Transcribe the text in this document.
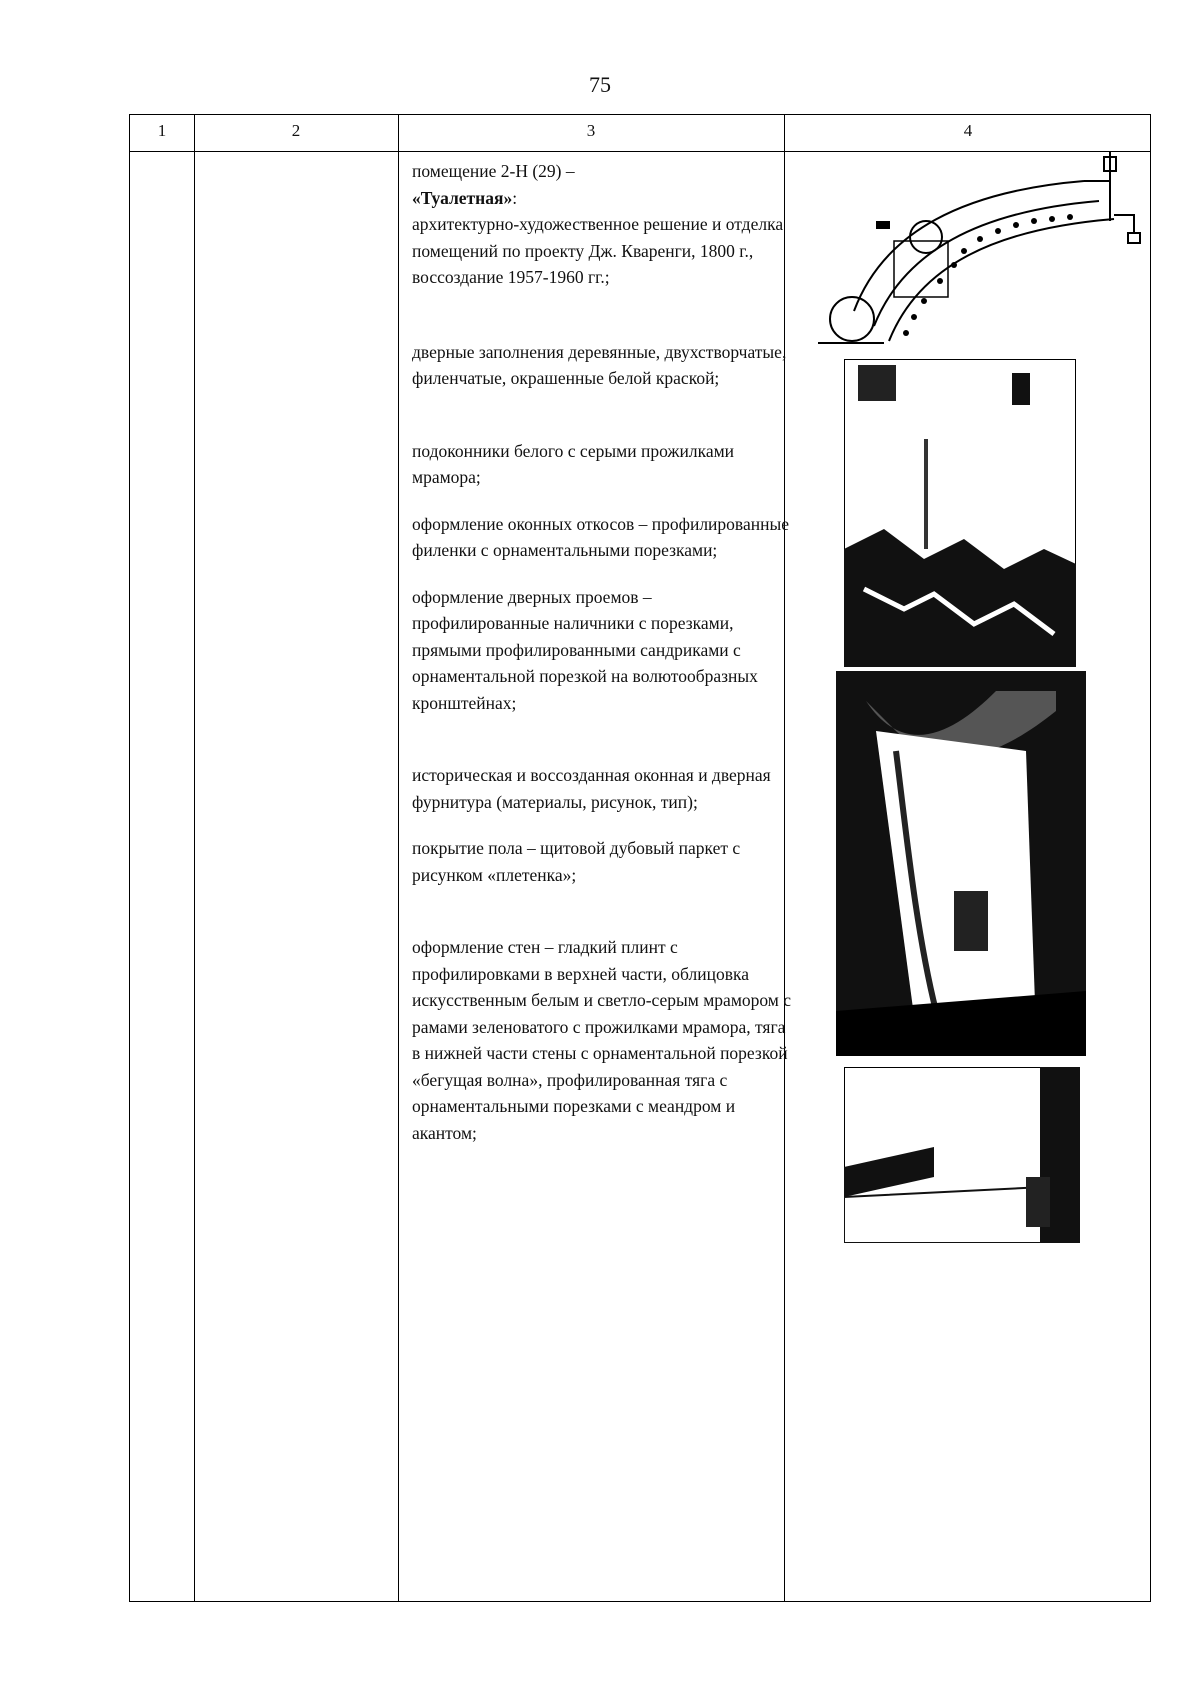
75
1	2	3	4

помещение 2-Н (29) –

«Туалетная»:

архитектурно-художественное решение и отделка помещений по проекту Дж. Кваренги, 1800 г., воссоздание 1957-1960 гг.;

дверные заполнения деревянные, двухстворчатые, филенчатые, окрашенные белой краской;

подоконники белого с серыми прожилками мрамора;

оформление оконных откосов – профилированные филенки с орнаментальными порезками;

оформление дверных проемов – профилированные наличники с порезками, прямыми профилированными сандриками с орнаментальной порезкой на волютообразных кронштейнах;

историческая и воссозданная оконная и дверная фурнитура (материалы, рисунок, тип);

покрытие пола – щитовой дубовый паркет с рисунком «плетенка»;

оформление стен – гладкий плинт с профилировками в верхней части, облицовка искусственным белым и светло-серым мрамором с рамами зеленоватого с прожилками мрамора, тяга в нижней части стены с орнаментальной порезкой «бегущая волна», профилированная тяга с орнаментальными порезками с меандром и акантом;
